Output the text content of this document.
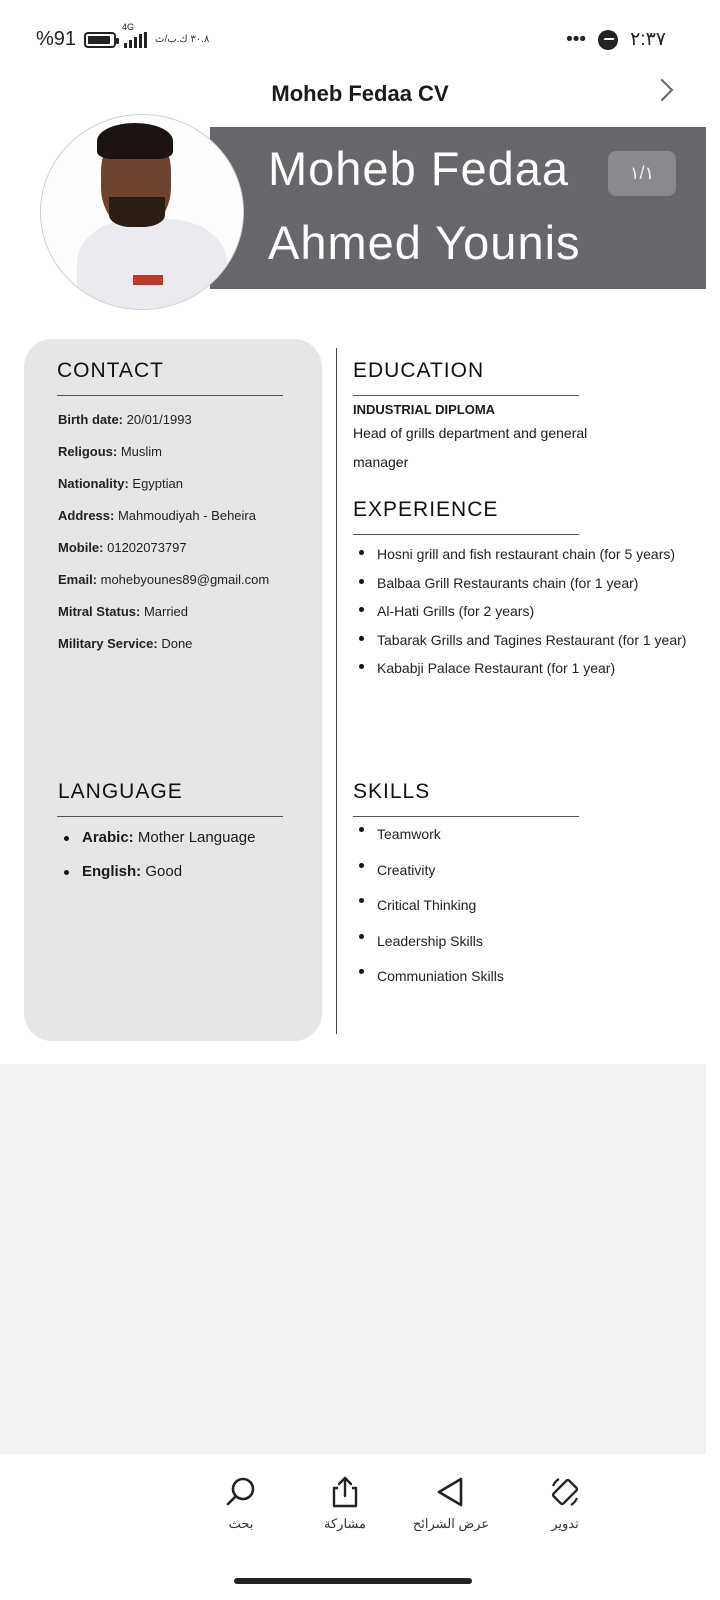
%91
4G
٣٠.٨ ك.ب/ث	••• ٢:٣٧
Moheb Fedaa CV
Moheb Fedaa
Ahmed Younis
١/١
CONTACT
Birth date: 20/01/1993
Religous: Muslim
Nationality: Egyptian
Address: Mahmoudiyah - Beheira
Mobile: 01202073797
Email: mohebyounes89@gmail.com
Mitral Status: Married
Military Service: Done
LANGUAGE
Arabic: Mother Language
English: Good
EDUCATION
INDUSTRIAL DIPLOMA
Head of grills department and general manager
EXPERIENCE
Hosni grill and fish restaurant chain (for 5 years)
Balbaa Grill Restaurants chain (for 1 year)
Al-Hati Grills (for 2 years)
Tabarak Grills and Tagines Restaurant (for 1 year)
Kababji Palace Restaurant (for 1 year)
SKILLS
Teamwork
Creativity
Critical Thinking
Leadership Skills
Communiation Skills
بحث	مشاركة	عرض الشرائح	تدوير
